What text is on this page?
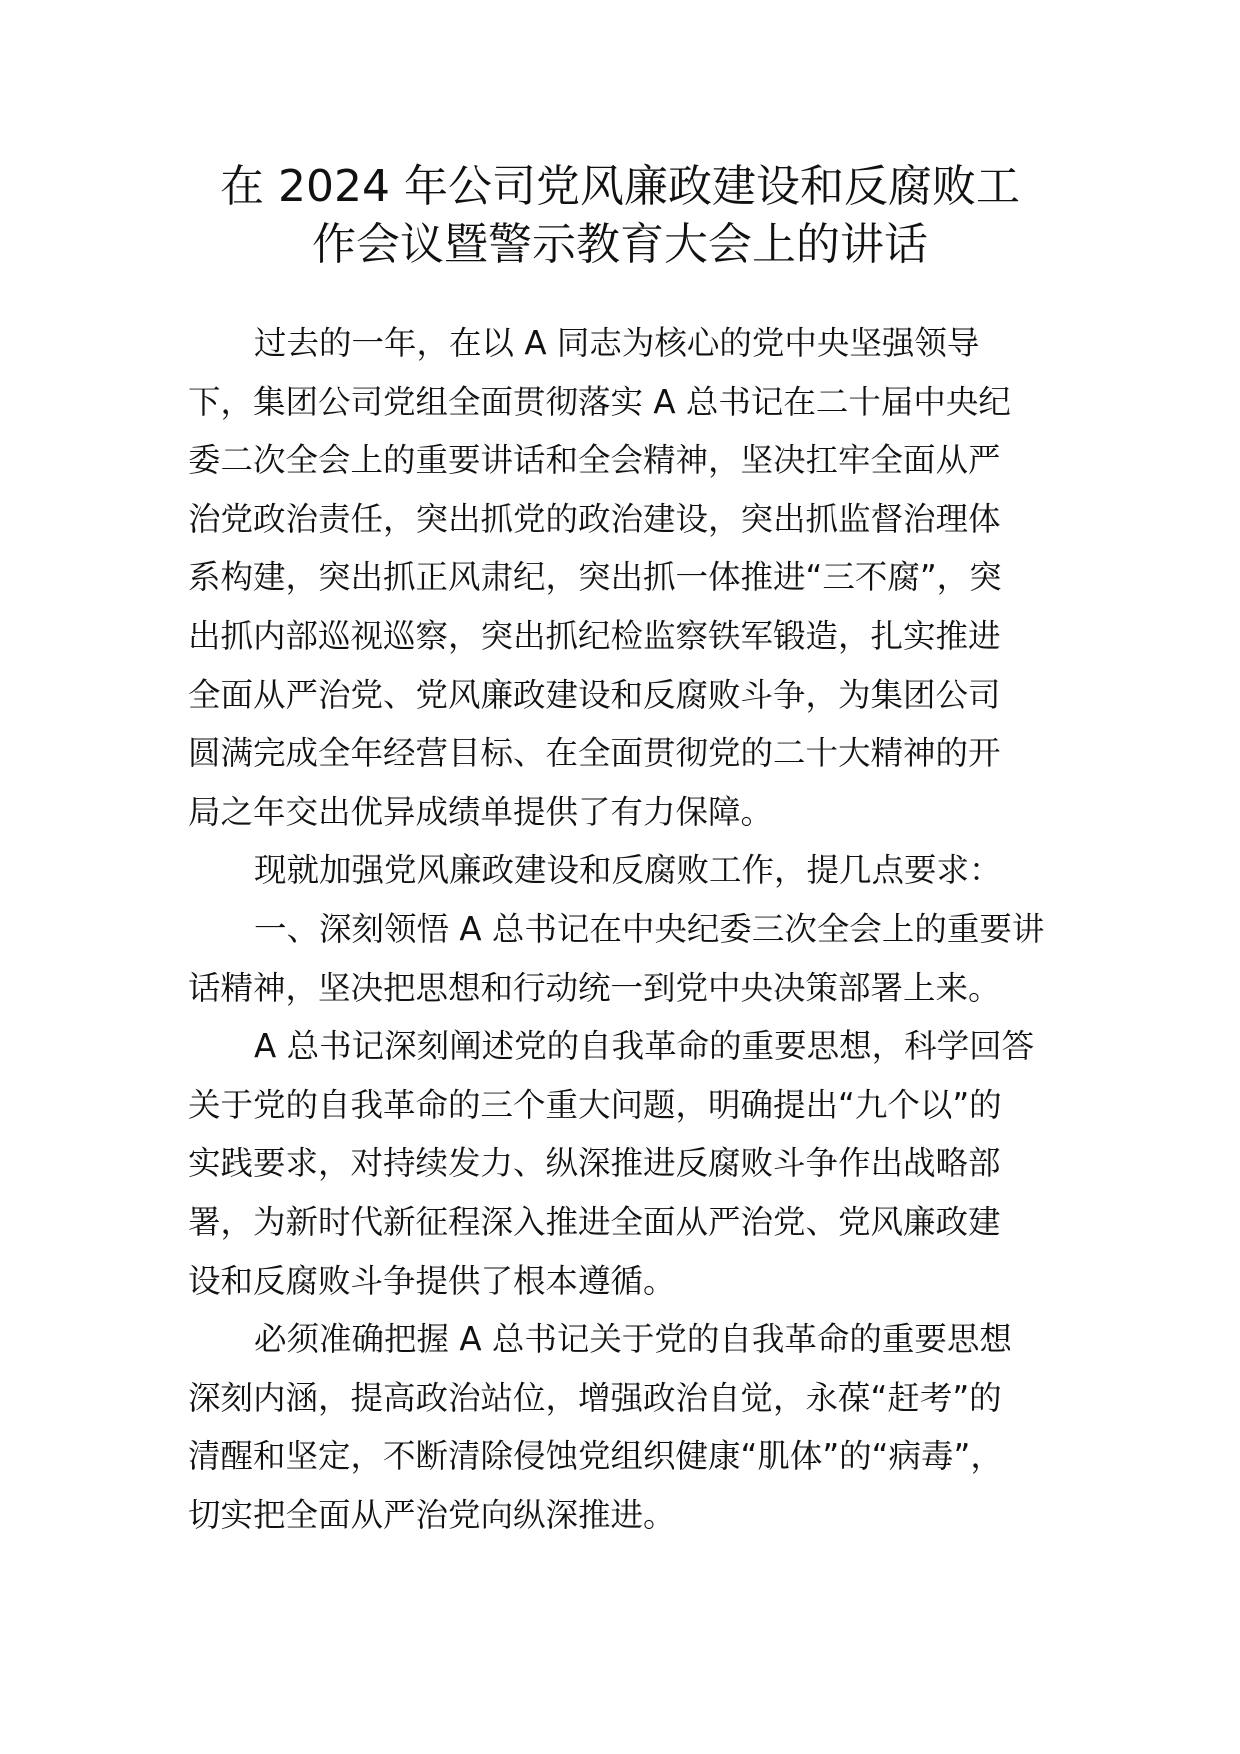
在 2024 年公司党风廉政建设和反腐败工
作会议暨警示教育大会上的讲话
过去的一年，在以 A 同志为核心的党中央坚强领导
下，集团公司党组全面贯彻落实 A 总书记在二十届中央纪
委二次全会上的重要讲话和全会精神，坚决扛牢全面从严
治党政治责任，突出抓党的政治建设，突出抓监督治理体
系构建，突出抓正风肃纪，突出抓一体推进“三不腐”，突
出抓内部巡视巡察，突出抓纪检监察铁军锻造，扎实推进
全面从严治党、党风廉政建设和反腐败斗争，为集团公司
圆满完成全年经营目标、在全面贯彻党的二十大精神的开
局之年交出优异成绩单提供了有力保障。
现就加强党风廉政建设和反腐败工作，提几点要求：
一、深刻领悟 A 总书记在中央纪委三次全会上的重要讲
话精神，坚决把思想和行动统一到党中央决策部署上来。
A 总书记深刻阐述党的自我革命的重要思想，科学回答
关于党的自我革命的三个重大问题，明确提出“九个以”的
实践要求，对持续发力、纵深推进反腐败斗争作出战略部
署，为新时代新征程深入推进全面从严治党、党风廉政建
设和反腐败斗争提供了根本遵循。
必须准确把握 A 总书记关于党的自我革命的重要思想
深刻内涵，提高政治站位，增强政治自觉，永葆“赶考”的
清醒和坚定，不断清除侵蚀党组织健康“肌体”的“病毒”，
切实把全面从严治党向纵深推进。
